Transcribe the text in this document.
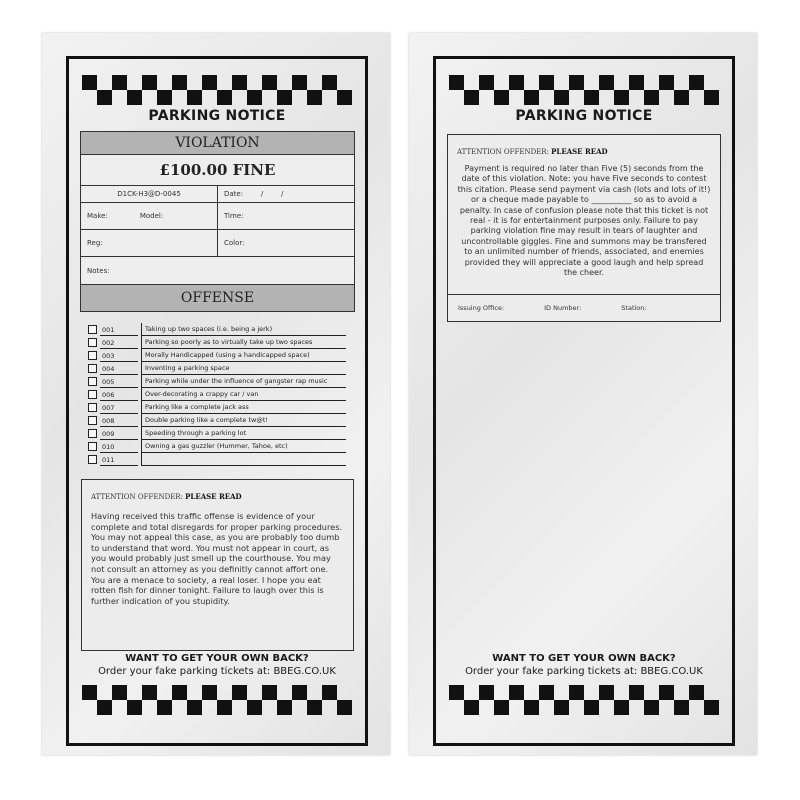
PARKING NOTICE
VIOLATION
£100.00 FINE
D1CK-H3@D-0045	Date:        /        /
Make:	Model:	Time:
Reg:	Color:
Notes:
OFFENSE
001	Taking up two spaces (i.e. being a jerk)
002	Parking so poorly as to virtually take up two spaces
003	Morally Handicapped (using a handicapped space)
004	Inventing a parking space
005	Parking while under the influence of gangster rap music
006	Over-decorating a crappy car / van
007	Parking like a complete jack ass
008	Double parking like a complete tw@t!
009	Speeding through a parking lot
010	Owning a gas guzzler (Hummer, Tahoe, etc)
011
ATTENTION OFFENDER: PLEASE READ
Having received this traffic offense is evidence of your complete and total disregards for proper parking procedures. You may not appeal this case, as you are probably too dumb to understand that word. You must not appear in court, as you would probably just smell up the courthouse. You may not consult an attorney as you definitly cannot affort one. You are a menace to society, a real loser. I hope you eat rotten fish for dinner tonight. Failure to laugh over this is further indication of you stupidity.
WANT TO GET YOUR OWN BACK?
Order your fake parking tickets at: BBEG.CO.UK
PARKING NOTICE
ATTENTION OFFENDER: PLEASE READ
Payment is required no later than Five (5) seconds from the date of this violation. Note: you have Five seconds to contest this citation. Please send payment via cash (lots and lots of it!) or a cheque made payable to __________ so as to avoid a penalty. In case of confusion please note that this ticket is not real - it is for entertainment purposes only. Failure to pay parking violation fine may result in tears of laughter and uncontrollable giggles. Fine and summons may be transfered to an unlimited number of friends, associated, and enemies provided they will appreciate a good laugh and help spread the cheer.
Issuing Office:	ID Number:	Station:
WANT TO GET YOUR OWN BACK?
Order your fake parking tickets at: BBEG.CO.UK
